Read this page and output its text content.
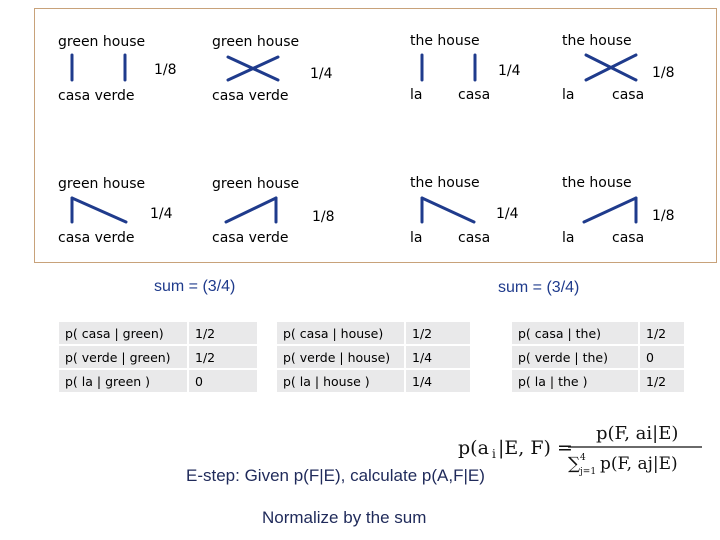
green house
1/8
casa verde
green house
1/4
casa verde
the house
1/4
la	casa
the house
1/8
la	casa
green house
1/4
casa verde
green house
1/8
casa verde
the house
1/4
la	casa
the house
1/8
la	casa
sum = (3/4)	sum = (3/4)
p( casa | green)	1/2
p( verde | green)	1/2
p( la | green )	0
p( casa | house)	1/2
p( verde | house)	1/4
p( la | house )	1/4
p( casa | the)	1/2
p( verde | the)	0
p( la | the )	1/2
p(a i |E, F) =
p(F, ai|E)
∑ 4
j=1 p(F, aj|E)
E-step: Given p(F|E), calculate p(A,F|E)
Normalize by the sum
